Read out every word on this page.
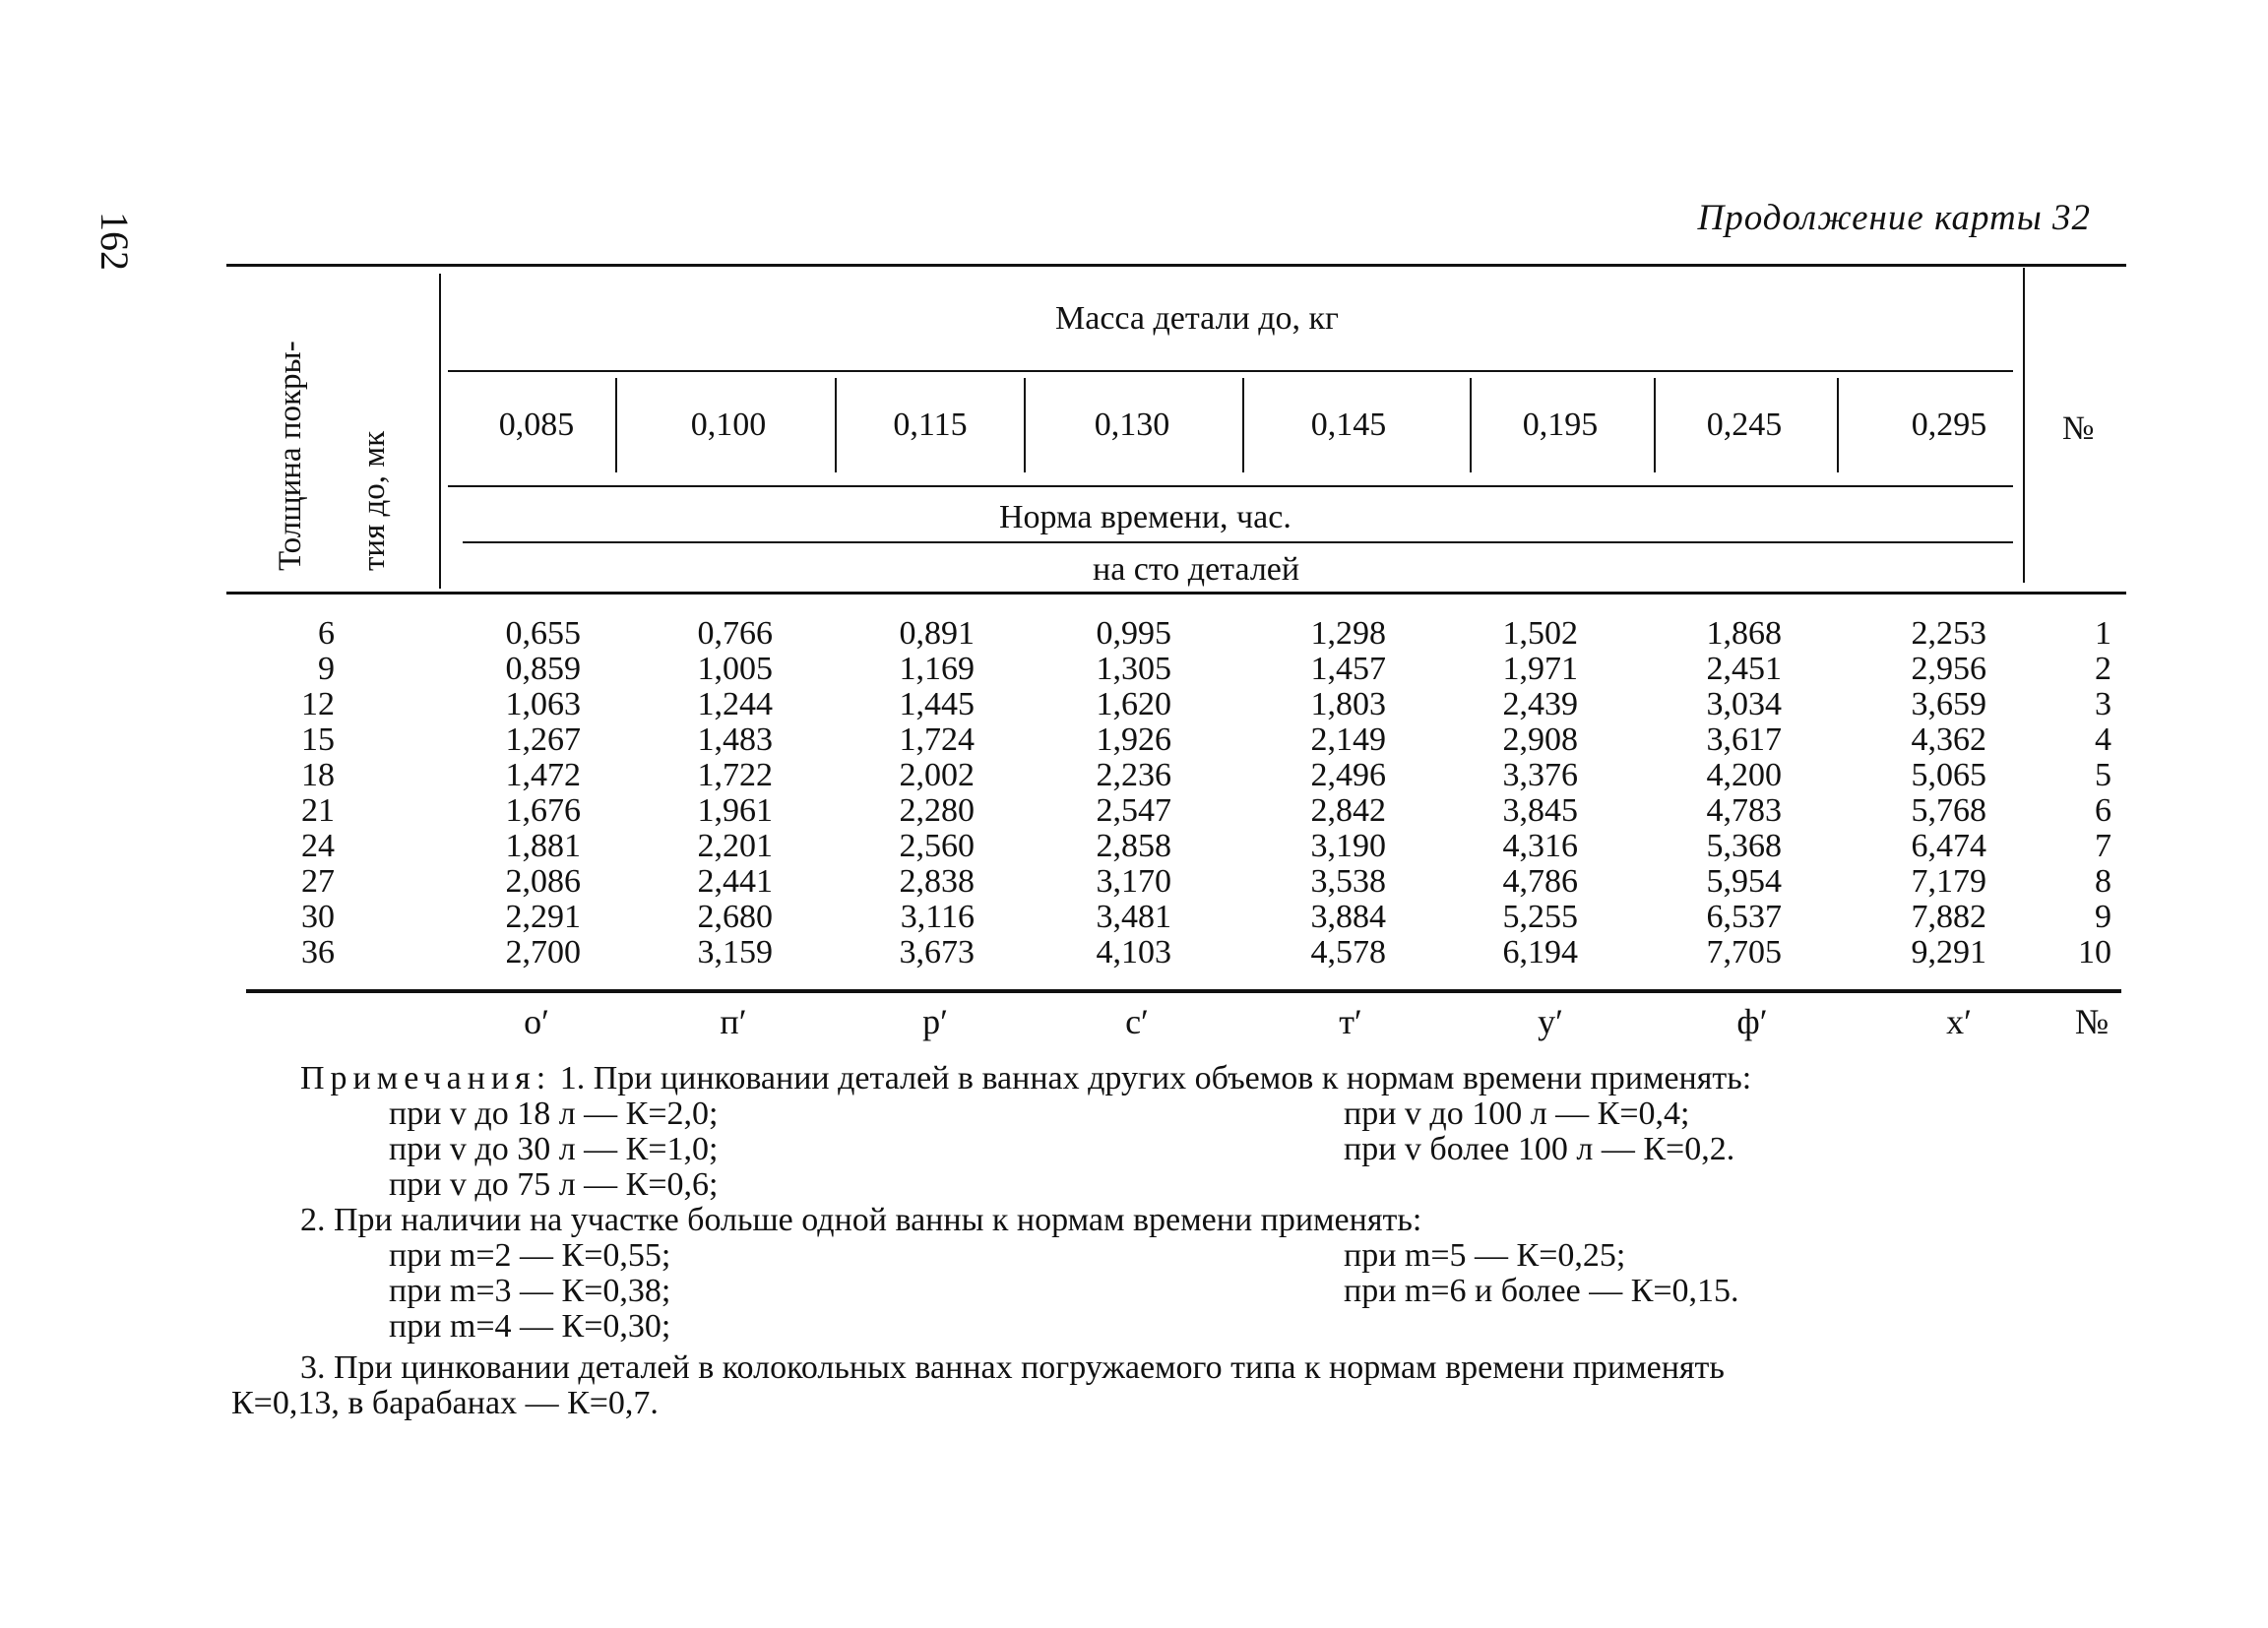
162	Продолжение карты 32
Толщина покры- тия до, мк
Масса детали до, кг
№
Норма времени, час.
на сто деталей
0,085	0,100	0,115	0,130	0,145	0,195	0,245	0,295
6	0,655	0,766	0,891	0,995	1,298	1,502	1,868	2,253	1
9	0,859	1,005	1,169	1,305	1,457	1,971	2,451	2,956	2
12	1,063	1,244	1,445	1,620	1,803	2,439	3,034	3,659	3
15	1,267	1,483	1,724	1,926	2,149	2,908	3,617	4,362	4
18	1,472	1,722	2,002	2,236	2,496	3,376	4,200	5,065	5
21	1,676	1,961	2,280	2,547	2,842	3,845	4,783	5,768	6
24	1,881	2,201	2,560	2,858	3,190	4,316	5,368	6,474	7
27	2,086	2,441	2,838	3,170	3,538	4,786	5,954	7,179	8
30	2,291	2,680	3,116	3,481	3,884	5,255	6,537	7,882	9
36	2,700	3,159	3,673	4,103	4,578	6,194	7,705	9,291	10
о′	п′	р′	с′	т′	у′	ф′	х′	№
Примечания: 1. При цинковании деталей в ваннах других объемов к нормам времени применять:
при v до 18 л — К=2,0;
при v до 30 л — К=1,0;
при v до 75 л — К=0,6;
при v до 100 л — К=0,4;
при v более 100 л — К=0,2.
2. При наличии на участке больше одной ванны к нормам времени применять:
при m=2 — К=0,55;
при m=3 — К=0,38;
при m=4 — К=0,30;
при m=5 — К=0,25;
при m=6 и более — К=0,15.
3. При цинковании деталей в колокольных ваннах погружаемого типа к нормам времени применять
К=0,13, в барабанах — К=0,7.
